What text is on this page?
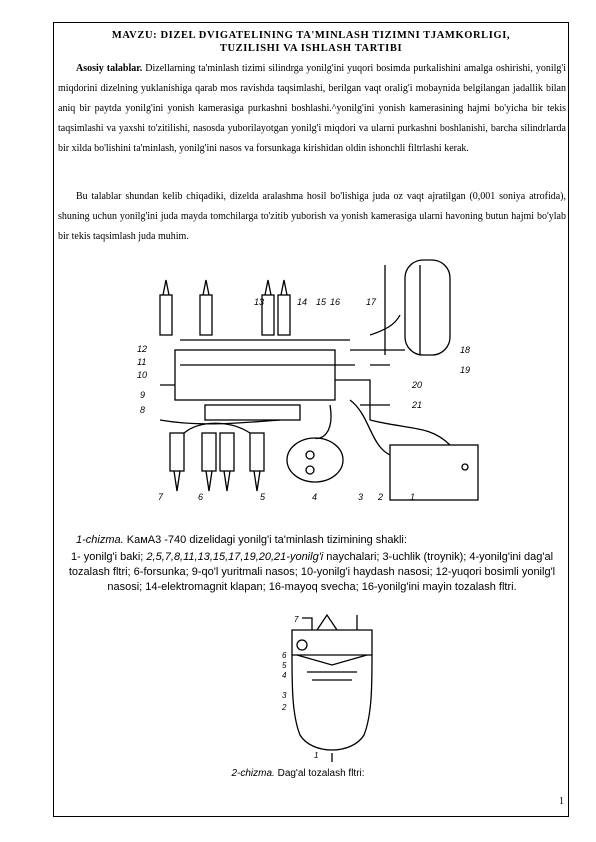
MAVZU: DIZEL DVIGATELINING TA'MINLASH TIZIMNI TJAMKORLIGI,
TUZILISHI VA ISHLASH TARTIBI

Asosiy talablar. Dizellarning ta'minlash tizimi silindrga yonilg'ini yuqori bosimda purkalishini amalga oshirishi, yonilg'i miqdorini dizelning yuklanishiga qarab mos ravishda taqsimlashi, berilgan vaqt oralig'i mobaynida belgilangan jadallik bilan aniq bir paytda yonilg'ini yonish kamerasiga purkashni boshlashi.^yonilg'ini yonish kamerasining hajmi bo'yicha bir tekis taqsimlashi va yaxshi to'zitilishi, nasosda yuborilayotgan yonilg'i miqdori va ularni purkashni boshlanishi, barcha silindrlarda bir xilda bo'lishini ta'minlash, yonilg'ini nasos va forsunkaga kirishidan oldin ishonchli filtrlashi kerak.

Bu talablar shundan kelib chiqadiki, dizelda aralashma hosil bo'lishiga juda oz vaqt ajratilgan (0,001 soniya atrofida), shuning uchun yonilg'ini juda mayda tomchilarga to'zitib yuborish va yonish kamerasiga ularni havoning butun hajmi bo'ylab bir tekis taqsimlash juda muhim.

1
2
3
4
5
6
7
8
9
10
11
12
13	14 15 16	17
18
19
20
21
1-chizma. KaмA3 -740 dizelidagi yonilg'i ta'minlash tizimining shakli:
1- yonilg'i baki; 2,5,7,8,11,13,15,17,19,20,21-yonilg'i naychalari; 3-uchlik (troynik); 4-yonilg'ini dag'al tozalash fltri; 6-forsunka; 9-qo'l yuritmali nasos; 10-yonilg'i haydash nasosi; 12-yuqori bosimli yonilg'l nasosi; 14-elektromagnit klapan; 16-mayoq svecha; 16-yonilg'ini mayin tozalash fltri.
1
2
3
4
5
6
7
2-chizma. Dag'al tozalash fltri:
1
